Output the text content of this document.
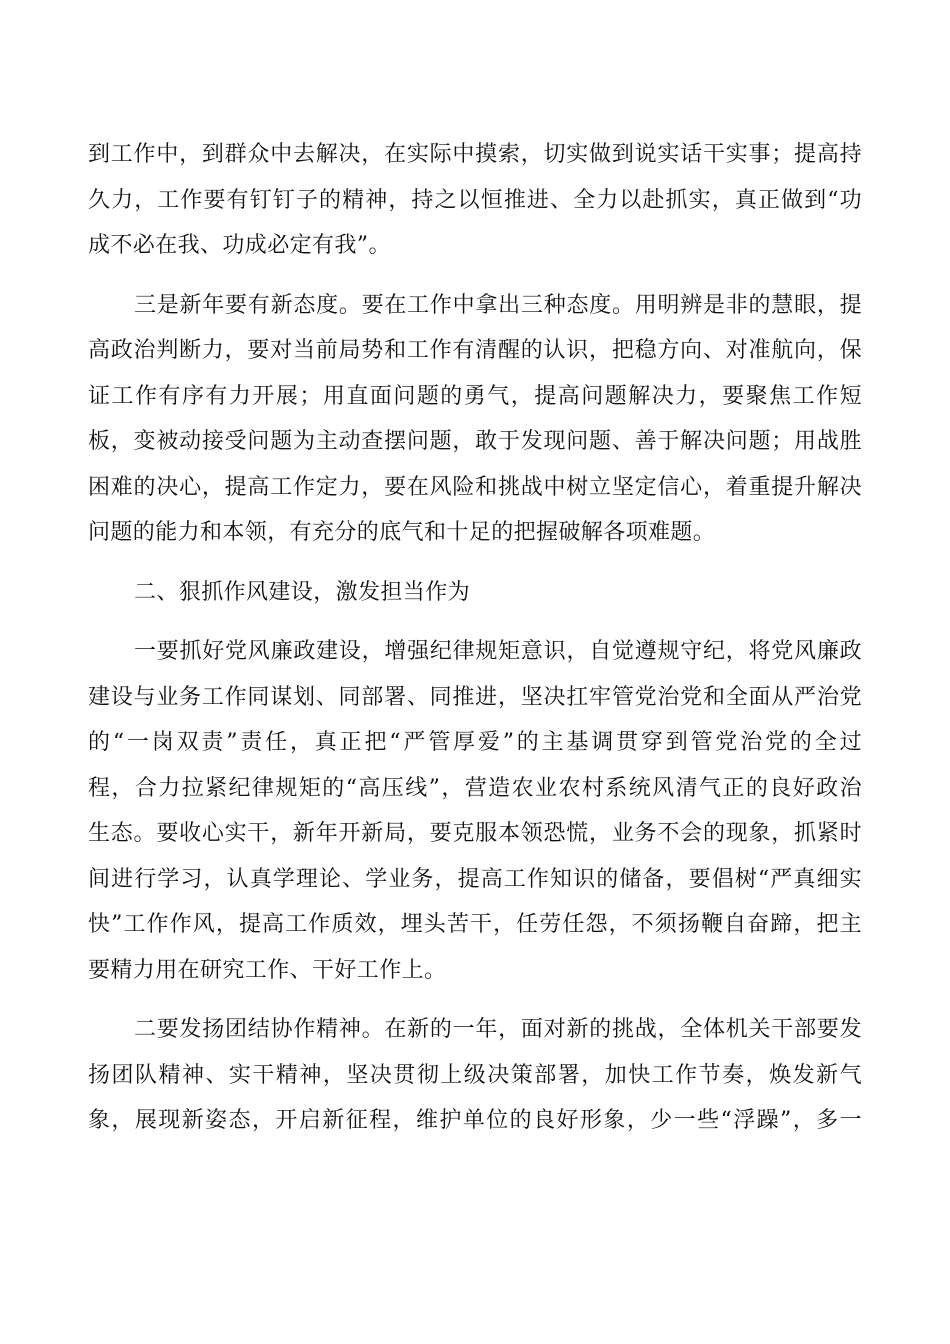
到工作中，到群众中去解决，在实际中摸索，切实做到说实话干实事；提高持
久力，工作要有钉钉子的精神，持之以恒推进、全力以赴抓实，真正做到“功
成不必在我、功成必定有我”。
三是新年要有新态度。要在工作中拿出三种态度。用明辨是非的慧眼，提
高政治判断力，要对当前局势和工作有清醒的认识，把稳方向、对准航向，保
证工作有序有力开展；用直面问题的勇气，提高问题解决力，要聚焦工作短
板，变被动接受问题为主动查摆问题，敢于发现问题、善于解决问题；用战胜
困难的决心，提高工作定力，要在风险和挑战中树立坚定信心，着重提升解决
问题的能力和本领，有充分的底气和十足的把握破解各项难题。
二、狠抓作风建设，激发担当作为
一要抓好党风廉政建设，增强纪律规矩意识，自觉遵规守纪，将党风廉政
建设与业务工作同谋划、同部署、同推进，坚决扛牢管党治党和全面从严治党
的“一岗双责”责任，真正把“严管厚爱”的主基调贯穿到管党治党的全过
程，合力拉紧纪律规矩的“高压线”，营造农业农村系统风清气正的良好政治
生态。要收心实干，新年开新局，要克服本领恐慌，业务不会的现象，抓紧时
间进行学习，认真学理论、学业务，提高工作知识的储备，要倡树“严真细实
快”工作作风，提高工作质效，埋头苦干，任劳任怨，不须扬鞭自奋蹄，把主
要精力用在研究工作、干好工作上。
二要发扬团结协作精神。在新的一年，面对新的挑战，全体机关干部要发
扬团队精神、实干精神，坚决贯彻上级决策部署，加快工作节奏，焕发新气
象，展现新姿态，开启新征程，维护单位的良好形象，少一些“浮躁”，多一
